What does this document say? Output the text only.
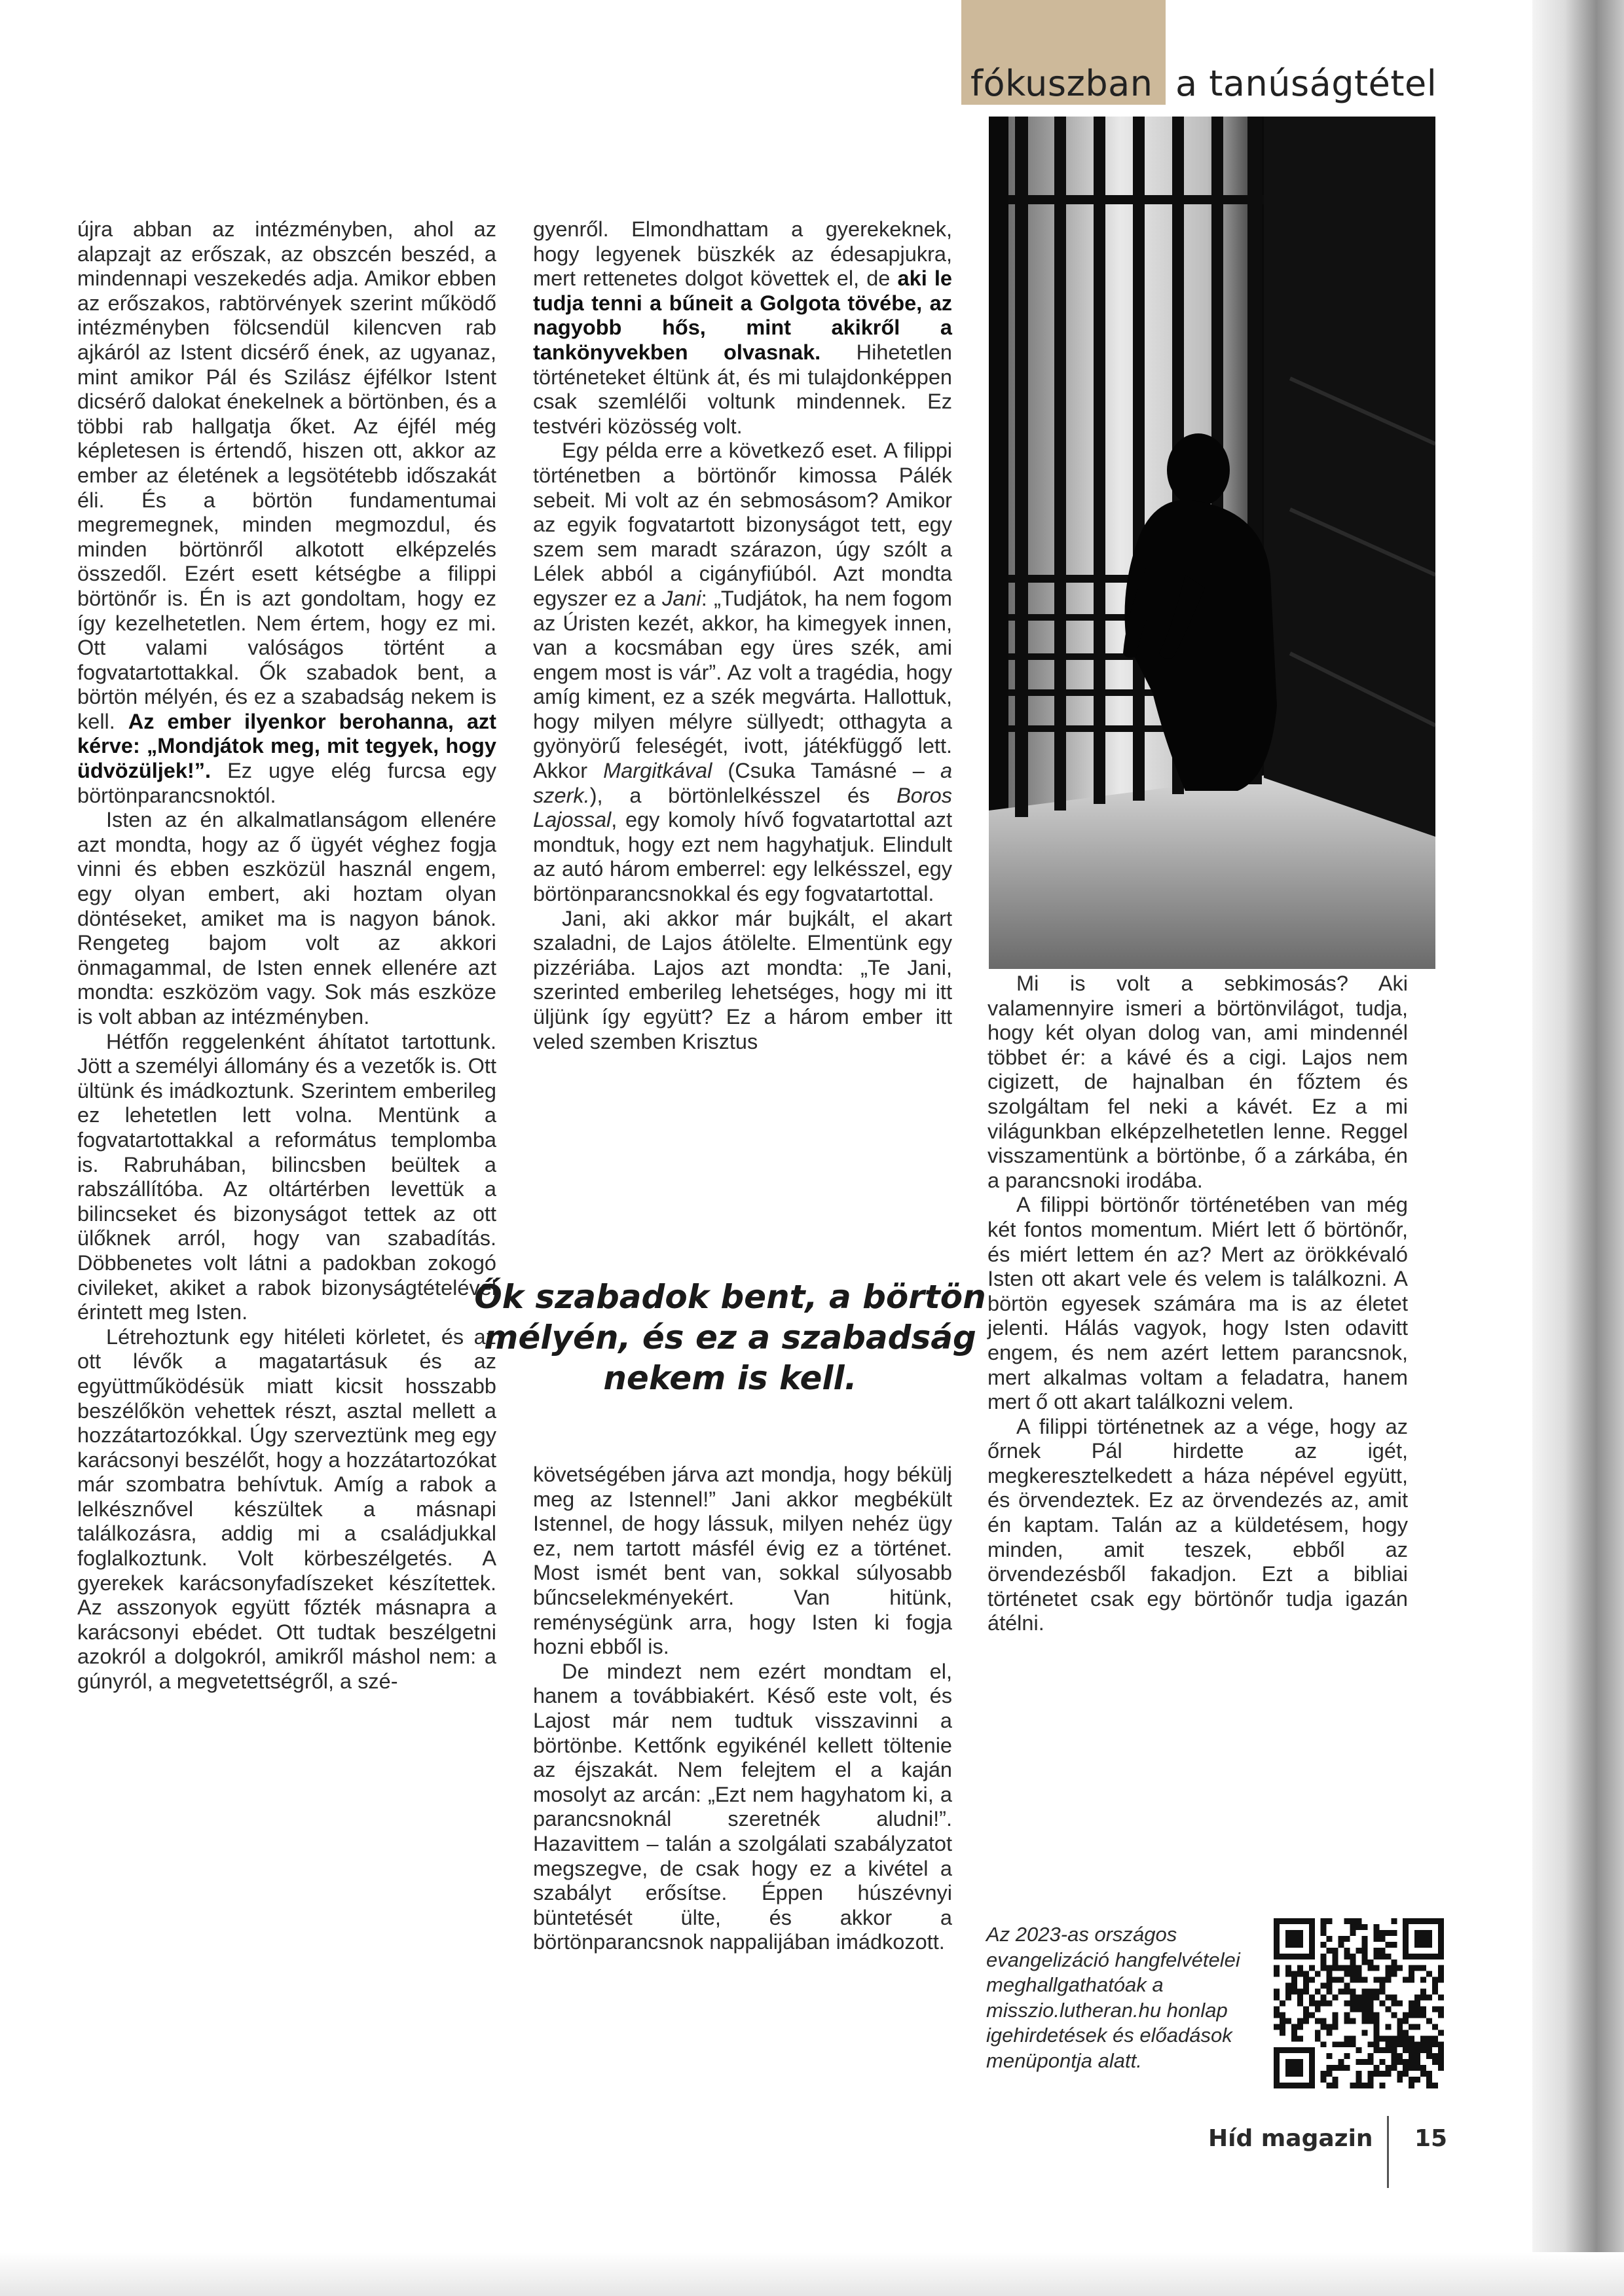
fókuszban a tanúságtétel

újra abban az intézményben, ahol az alapzajt az erőszak, az obszcén beszéd, a mindennapi veszekedés adja. Amikor ebben az erőszakos, rabtörvények szerint működő intézményben fölcsendül kilencven rab ajkáról az Istent dicsérő ének, az ugyanaz, mint amikor Pál és Szilász éjfélkor Istent dicsérő dalokat énekelnek a börtönben, és a többi rab hallgatja őket. Az éjfél még képletesen is értendő, hiszen ott, akkor az ember az életének a legsötétebb időszakát éli. És a börtön fundamentumai megremegnek, minden megmozdul, és minden börtönről alkotott elképzelés összedől. Ezért esett kétségbe a filippi börtönőr is. Én is azt gondoltam, hogy ez így kezelhetetlen. Nem értem, hogy ez mi. Ott valami valóságos történt a fogvatartottakkal. Ők szabadok bent, a börtön mélyén, és ez a szabadság nekem is kell. Az ember ilyenkor berohanna, azt kérve: „Mondjátok meg, mit tegyek, hogy üdvözüljek!”. Ez ugye elég furcsa egy börtönparancsnoktól.

Isten az én alkalmatlanságom ellenére azt mondta, hogy az ő ügyét véghez fogja vinni és ebben eszközül használ engem, egy olyan embert, aki hoztam olyan döntéseket, amiket ma is nagyon bánok. Rengeteg bajom volt az akkori önmagammal, de Isten ennek ellenére azt mondta: eszközöm vagy. Sok más eszköze is volt abban az intézményben.

Hétfőn reggelenként áhítatot tartottunk. Jött a személyi állomány és a vezetők is. Ott ültünk és imádkoztunk. Szerintem emberileg ez lehetetlen lett volna. Mentünk a fogvatartottakkal a református templomba is. Rabruhában, bilincsben beültek a rabszállítóba. Az oltártérben levettük a bilincseket és bizonyságot tettek az ott ülőknek arról, hogy van szabadítás. Döbbenetes volt látni a padokban zokogó civileket, akiket a rabok bizonyságtételével érintett meg Isten.

Létrehoztunk egy hitéleti körletet, és az ott lévők a magatartásuk és az együttműködésük miatt kicsit hosszabb beszélőkön vehettek részt, asztal mellett a hozzátartozókkal. Úgy szerveztünk meg egy karácsonyi beszélőt, hogy a hozzátartozókat már szombatra behívtuk. Amíg a rabok a lelkésznővel készültek a másnapi találkozásra, addig mi a családjukkal foglalkoztunk. Volt körbeszélgetés. A gyerekek karácsonyfadíszeket készítettek. Az asszonyok együtt főzték másnapra a karácsonyi ebédet. Ott tudtak beszélgetni azokról a dolgokról, amikről máshol nem: a gúnyról, a megvetettségről, a szé-

gyenről. Elmondhattam a gyerekeknek, hogy legyenek büszkék az édesapjukra, mert rettenetes dolgot követtek el, de aki le tudja tenni a bűneit a Golgota tövébe, az nagyobb hős, mint akikről a tankönyvekben olvasnak. Hihetetlen történeteket éltünk át, és mi tulajdonképpen csak szemlélői voltunk mindennek. Ez testvéri közösség volt.

Egy példa erre a következő eset. A filippi történetben a börtönőr kimossa Pálék sebeit. Mi volt az én sebmosásom? Amikor az egyik fogvatartott bizonyságot tett, egy szem sem maradt szárazon, úgy szólt a Lélek abból a cigányfiúból. Azt mondta egyszer ez a Jani: „Tudjátok, ha nem fogom az Úristen kezét, akkor, ha kimegyek innen, van a kocsmában egy üres szék, ami engem most is vár”. Az volt a tragédia, hogy amíg kiment, ez a szék megvárta. Hallottuk, hogy milyen mélyre süllyedt; otthagyta a gyönyörű feleségét, ivott, játékfüggő lett. Akkor Margitkával (Csuka Tamásné – a szerk.), a börtönlelkésszel és Boros Lajossal, egy komoly hívő fogvatartottal azt mondtuk, hogy ezt nem hagyhatjuk. Elindult az autó három emberrel: egy lelkésszel, egy börtönparancsnokkal és egy fogvatartottal.

Jani, aki akkor már bujkált, el akart szaladni, de Lajos átölelte. Elmentünk egy pizzériába. Lajos azt mondta: „Te Jani, szerinted emberileg lehetséges, hogy mi itt üljünk így együtt? Ez a három ember itt veled szemben Krisztus

Ők szabadok bent, a börtön mélyén, és ez a szabadság nekem is kell.

követségében járva azt mondja, hogy békülj meg az Istennel!” Jani akkor megbékült Istennel, de hogy lássuk, milyen nehéz ügy ez, nem tartott másfél évig ez a történet. Most ismét bent van, sokkal súlyosabb bűncselekményekért. Van hitünk, reménységünk arra, hogy Isten ki fogja hozni ebből is.

De mindezt nem ezért mondtam el, hanem a továbbiakért. Késő este volt, és Lajost már nem tudtuk visszavinni a börtönbe. Kettőnk egyikénél kellett töltenie az éjszakát. Nem felejtem el a kaján mosolyt az arcán: „Ezt nem hagyhatom ki, a parancsnoknál szeretnék aludni!”. Hazavittem – talán a szolgálati szabályzatot megszegve, de csak hogy ez a kivétel a szabályt erősítse. Éppen húszévnyi büntetését ülte, és akkor a börtönparancsnok nappalijában imádkozott.

Mi is volt a sebkimosás? Aki valamennyire ismeri a börtönvilágot, tudja, hogy két olyan dolog van, ami mindennél többet ér: a kávé és a cigi. Lajos nem cigizett, de hajnalban én főztem és szolgáltam fel neki a kávét. Ez a mi világunkban elképzelhetetlen lenne. Reggel visszamentünk a börtönbe, ő a zárkába, én a parancsnoki irodába.

A filippi börtönőr történetében van még két fontos momentum. Miért lett ő börtönőr, és miért lettem én az? Mert az örökkévaló Isten ott akart vele és velem is találkozni. A börtön egyesek számára ma is az életet jelenti. Hálás vagyok, hogy Isten odavitt engem, és nem azért lettem parancsnok, mert alkalmas voltam a feladatra, hanem mert ő ott akart találkozni velem.

A filippi történetnek az a vége, hogy az őrnek Pál hirdette az igét, megkeresztelkedett a háza népével együtt, és örvendeztek. Ez az örvendezés az, amit én kaptam. Talán az a küldetésem, hogy minden, amit teszek, ebből az örvendezésből fakadjon. Ezt a bibliai történetet csak egy börtönőr tudja igazán átélni.

Az 2023-as országos evangelizáció hangfelvételei meghallgathatóak a misszio.lutheran.hu honlap igehirdetések és előadások menüpontja alatt.
Híd magazin 15
